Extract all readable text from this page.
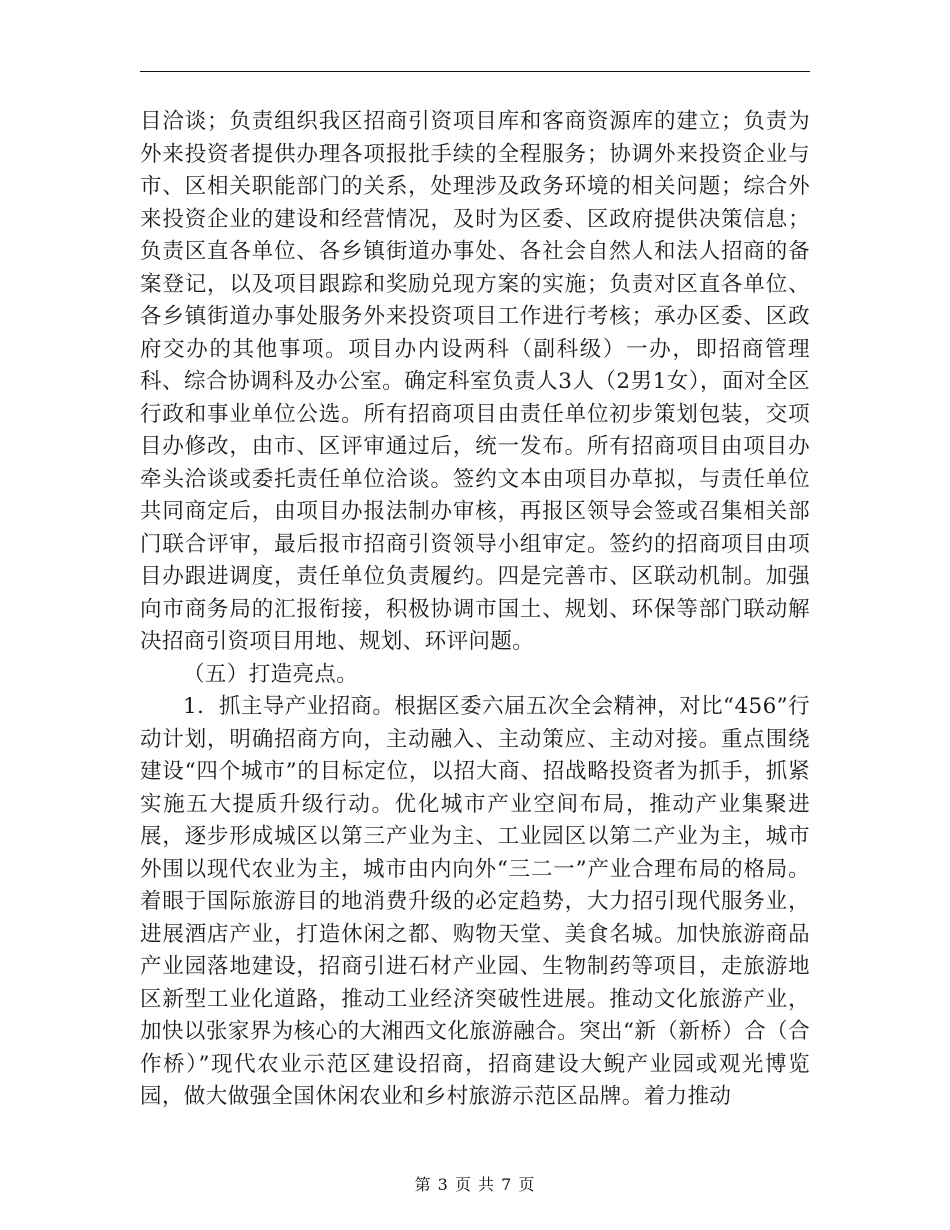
目洽谈；负责组织我区招商引资项目库和客商资源库的建立；负责为外来投资者提供办理各项报批手续的全程服务；协调外来投资企业与市、区相关职能部门的关系，处理涉及政务环境的相关问题；综合外来投资企业的建设和经营情况，及时为区委、区政府提供决策信息；负责区直各单位、各乡镇街道办事处、各社会自然人和法人招商的备案登记，以及项目跟踪和奖励兑现方案的实施；负责对区直各单位、各乡镇街道办事处服务外来投资项目工作进行考核；承办区委、区政府交办的其他事项。项目办内设两科（副科级）一办，即招商管理科、综合协调科及办公室。确定科室负责人3人（2男1女），面对全区行政和事业单位公选。所有招商项目由责任单位初步策划包装，交项目办修改，由市、区评审通过后，统一发布。所有招商项目由项目办牵头洽谈或委托责任单位洽谈。签约文本由项目办草拟，与责任单位共同商定后，由项目办报法制办审核，再报区领导会签或召集相关部门联合评审，最后报市招商引资领导小组审定。签约的招商项目由项目办跟进调度，责任单位负责履约。四是完善市、区联动机制。加强向市商务局的汇报衔接，积极协调市国土、规划、环保等部门联动解决招商引资项目用地、规划、环评问题。

（五）打造亮点。

1．抓主导产业招商。根据区委六届五次全会精神，对比“456”行动计划，明确招商方向，主动融入、主动策应、主动对接。重点围绕建设“四个城市”的目标定位，以招大商、招战略投资者为抓手，抓紧实施五大提质升级行动。优化城市产业空间布局，推动产业集聚进展，逐步形成城区以第三产业为主、工业园区以第二产业为主，城市外围以现代农业为主，城市由内向外“三二一”产业合理布局的格局。着眼于国际旅游目的地消费升级的必定趋势，大力招引现代服务业，进展酒店产业，打造休闲之都、购物天堂、美食名城。加快旅游商品产业园落地建设，招商引进石材产业园、生物制药等项目，走旅游地区新型工业化道路，推动工业经济突破性进展。推动文化旅游产业，加快以张家界为核心的大湘西文化旅游融合。突出“新（新桥）合（合作桥）”现代农业示范区建设招商，招商建设大鲵产业园或观光博览园，做大做强全国休闲农业和乡村旅游示范区品牌。着力推动

第 3 页 共 7 页
